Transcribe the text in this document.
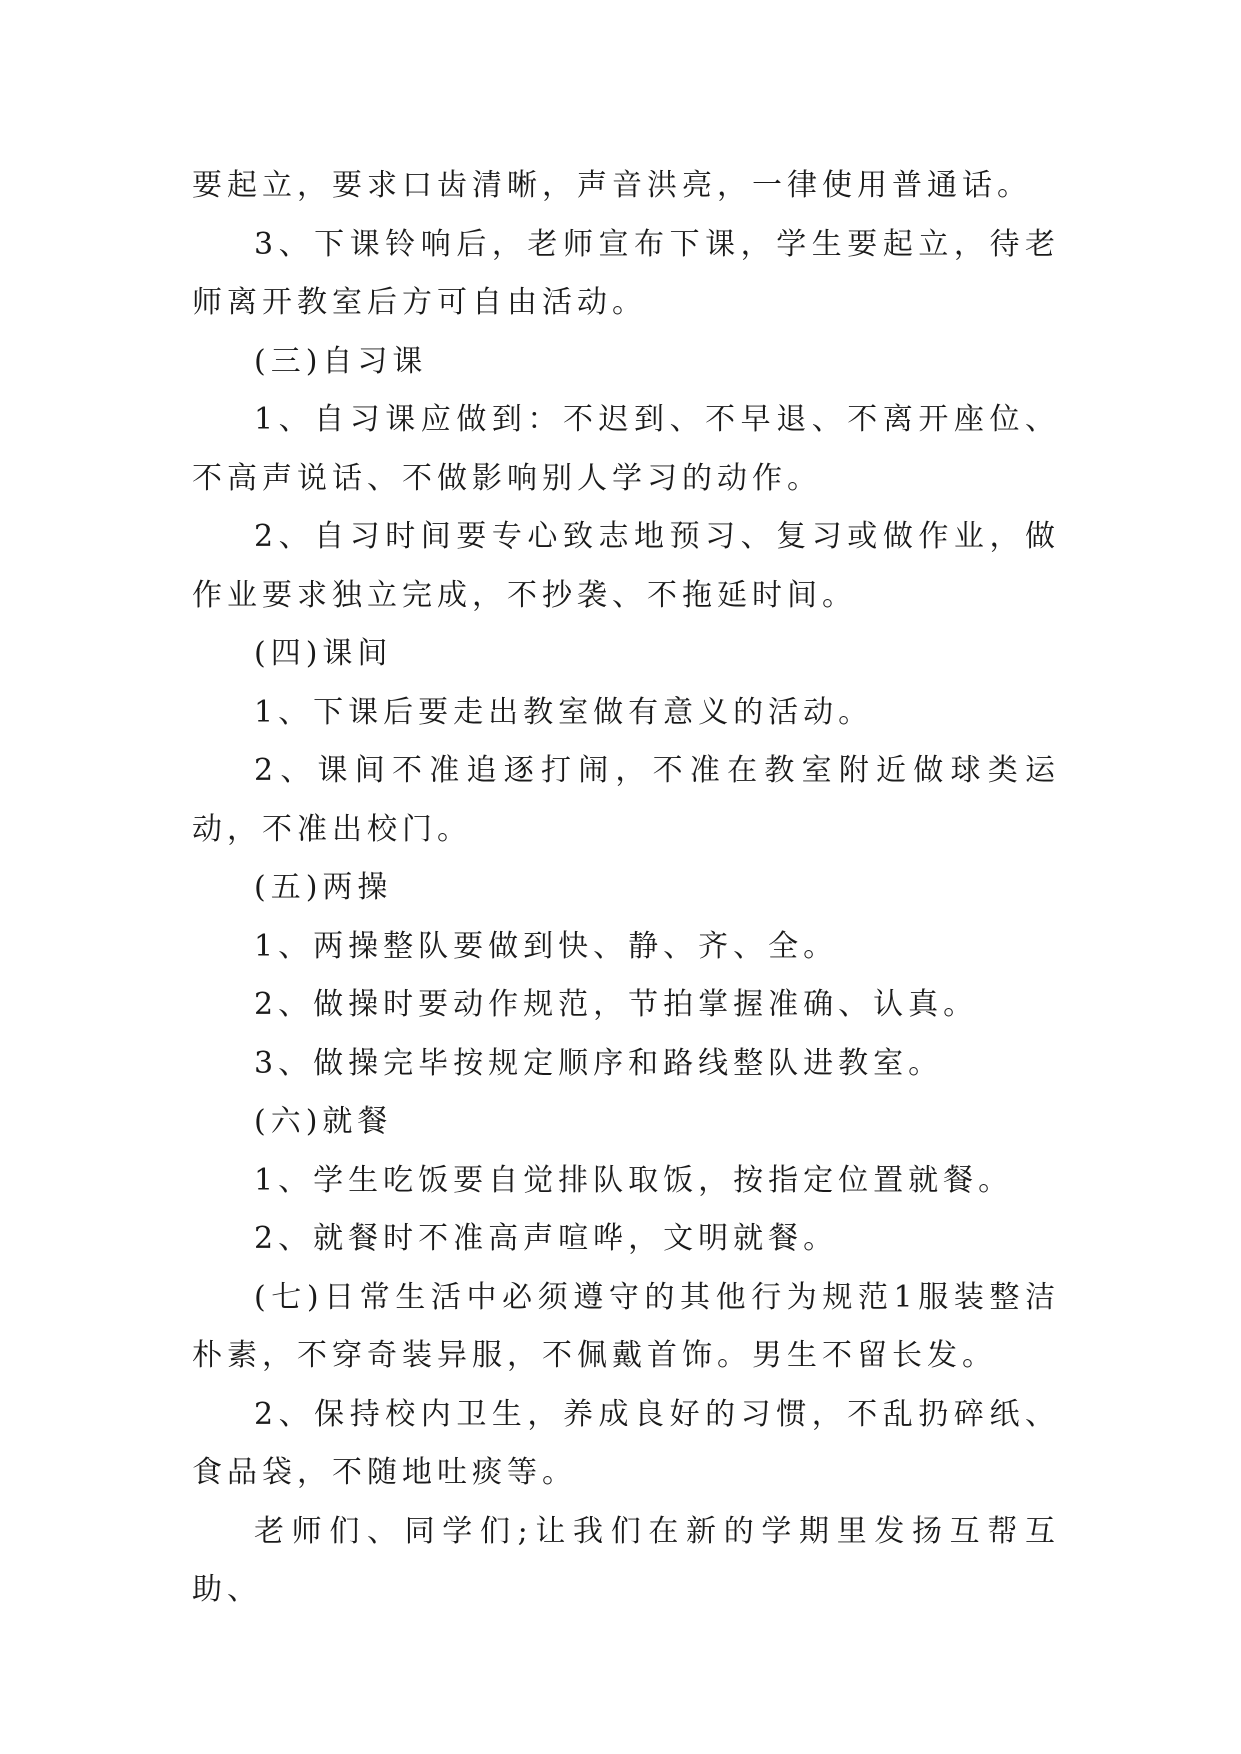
要起立，要求口齿清晰，声音洪亮，一律使用普通话。

3、下课铃响后，老师宣布下课，学生要起立，待老师离开教室后方可自由活动。

(三)自习课

1、自习课应做到：不迟到、不早退、不离开座位、不高声说话、不做影响别人学习的动作。

2、自习时间要专心致志地预习、复习或做作业，做作业要求独立完成，不抄袭、不拖延时间。

(四)课间

1、下课后要走出教室做有意义的活动。

2、课间不准追逐打闹，不准在教室附近做球类运动，不准出校门。

(五)两操

1、两操整队要做到快、静、齐、全。

2、做操时要动作规范，节拍掌握准确、认真。

3、做操完毕按规定顺序和路线整队进教室。

(六)就餐

1、学生吃饭要自觉排队取饭，按指定位置就餐。

2、就餐时不准高声喧哗，文明就餐。

(七)日常生活中必须遵守的其他行为规范1服装整洁朴素，不穿奇装异服，不佩戴首饰。男生不留长发。

2、保持校内卫生，养成良好的习惯，不乱扔碎纸、食品袋，不随地吐痰等。

老师们、同学们;让我们在新的学期里发扬互帮互助、
